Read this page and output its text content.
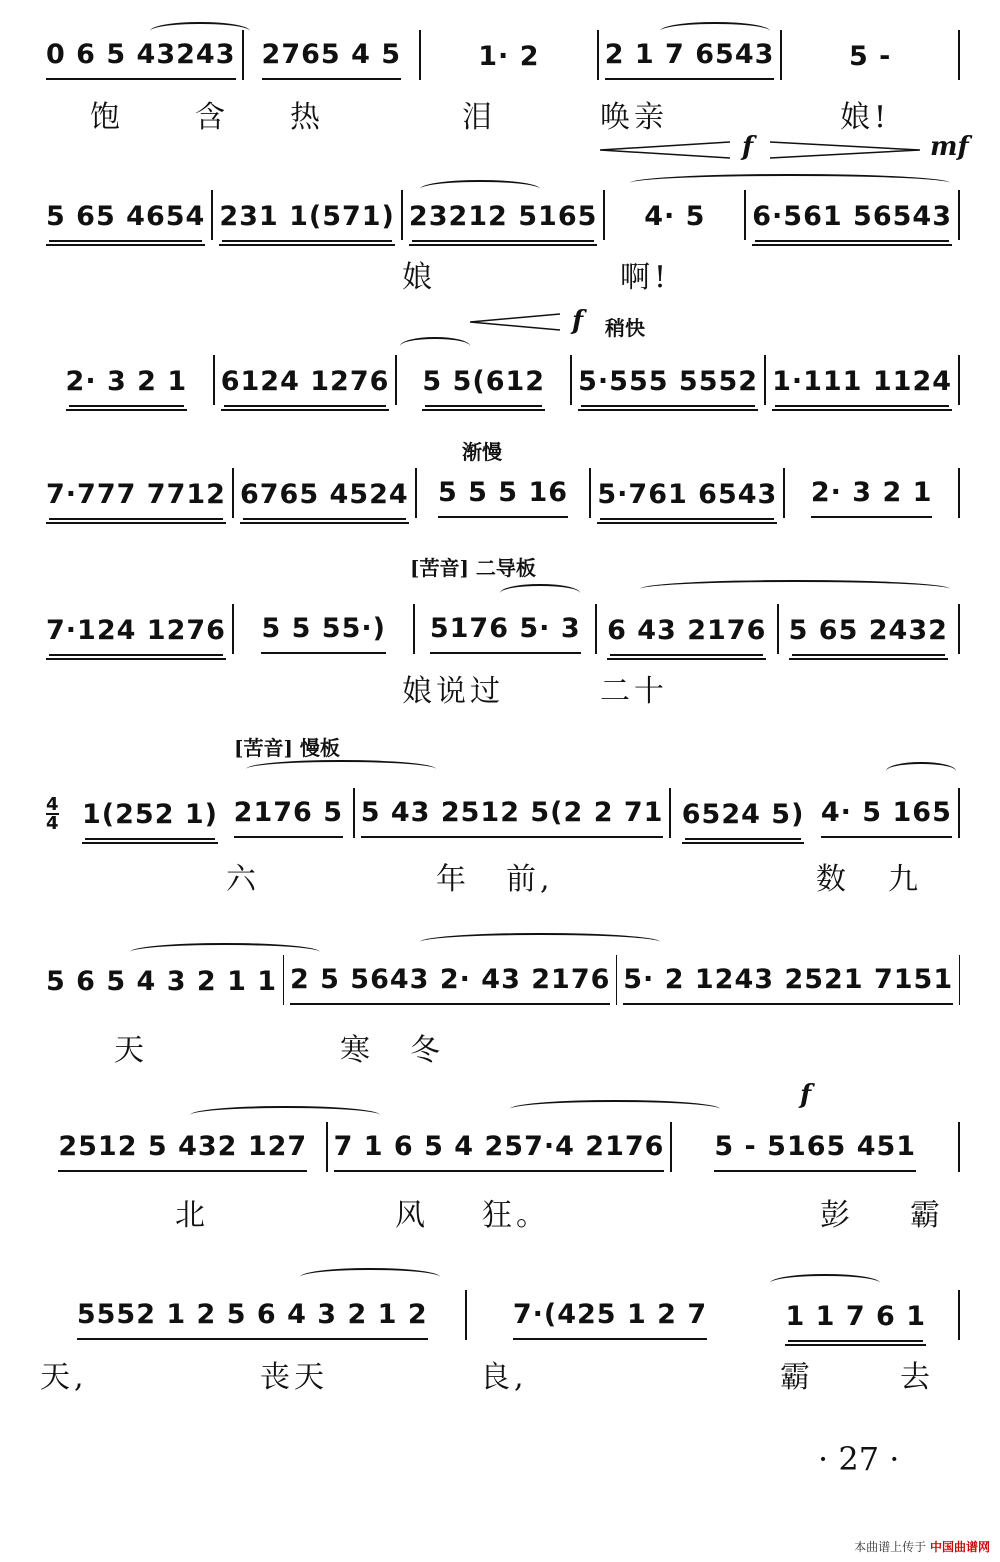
0 6 5 43243 2765 4 5	1· 2 2 1 7 6543	5 -
饱 含 热	泪	唤亲	娘!
f	mf
5 65 4654 231 1(571) 23212 5165 4· 5 6·561 56543
娘	啊!
f 稍快
2· 3 2 1 6124 1276 5 5(612 5·555 5552 1·111 1124
渐慢
7·777 7712 6765 4524 5 5 5 16 5·761 6543 2· 3 2 1
[苦音] 二导板
7·124 1276 5 5 55·) 5176 5· 3 6 43 2176 5 65 2432
娘说过	二十
[苦音] 慢板
4
4 1(252 1) 2176 5 5 43 2512 5(2 2 71 6524 5) 4· 5 165
六	年 前,	数 九
5 6 5 4 3 2 1 1 2 5 5643 2· 43 2176 5· 2 1243 2521 7151
天	寒 冬
f
2512 5 432 127 7 1 6 5 4 257·4 2176 5 - 5165 451
北	风 狂。	彭 霸
5552 1 2 5 6 4 3 2 1 2	7·(425 1 2 7	1 1 7 6 1
天,	丧天	良,	霸	去
· 27 ·
本曲谱上传于 中国曲谱网
